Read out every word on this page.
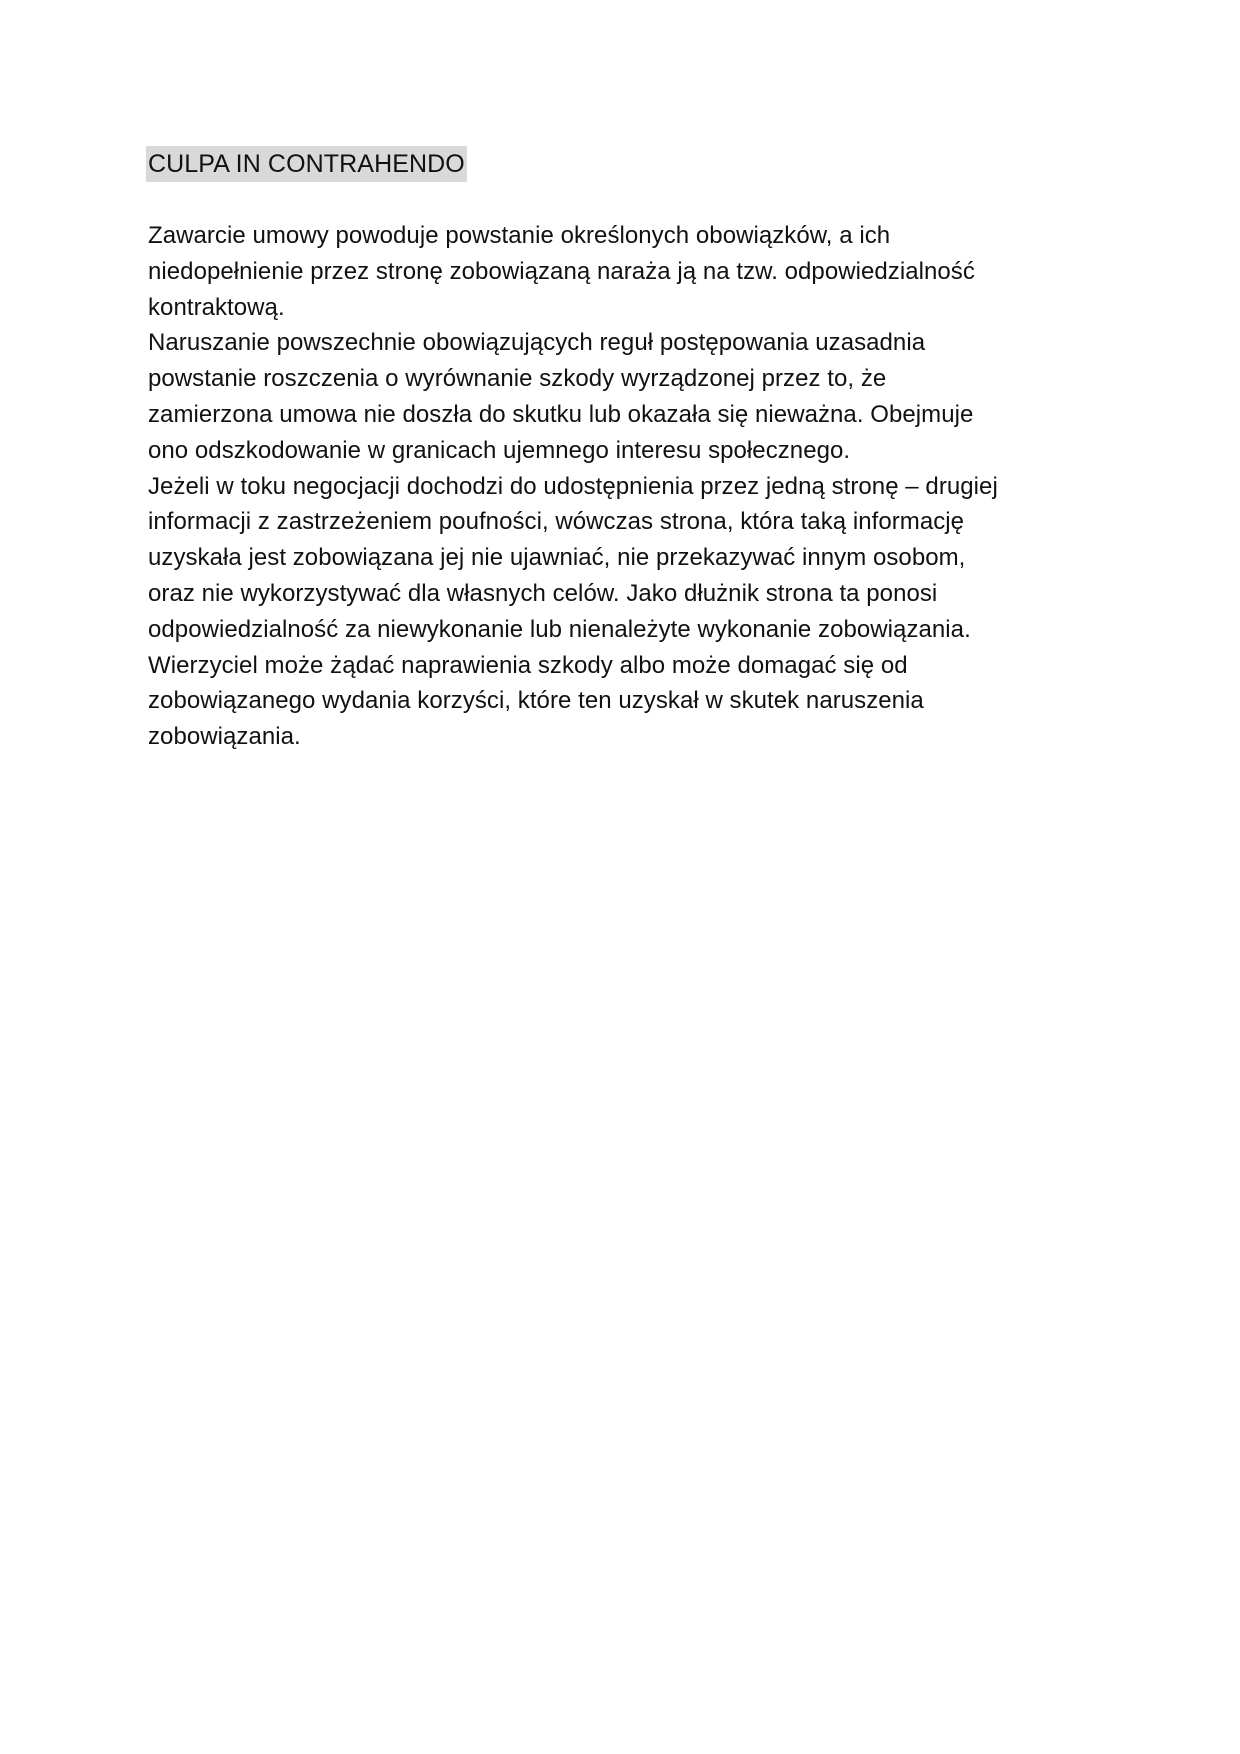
CULPA IN CONTRAHENDO
Zawarcie umowy powoduje powstanie określonych obowiązków, a ich
niedopełnienie przez stronę zobowiązaną naraża ją na tzw. odpowiedzialność
kontraktową.
Naruszanie powszechnie obowiązujących reguł postępowania uzasadnia
powstanie roszczenia o wyrównanie szkody wyrządzonej przez to, że
zamierzona umowa nie doszła do skutku lub okazała się nieważna. Obejmuje
ono odszkodowanie w granicach ujemnego interesu społecznego.
Jeżeli w toku negocjacji dochodzi do udostępnienia przez jedną stronę – drugiej
informacji z zastrzeżeniem poufności, wówczas strona, która taką informację
uzyskała jest zobowiązana jej nie ujawniać, nie przekazywać innym osobom,
oraz nie wykorzystywać dla własnych celów. Jako dłużnik strona ta ponosi
odpowiedzialność za niewykonanie lub nienależyte wykonanie zobowiązania.
Wierzyciel może żądać naprawienia szkody albo może domagać się od
zobowiązanego wydania korzyści, które ten uzyskał w skutek naruszenia
zobowiązania.
